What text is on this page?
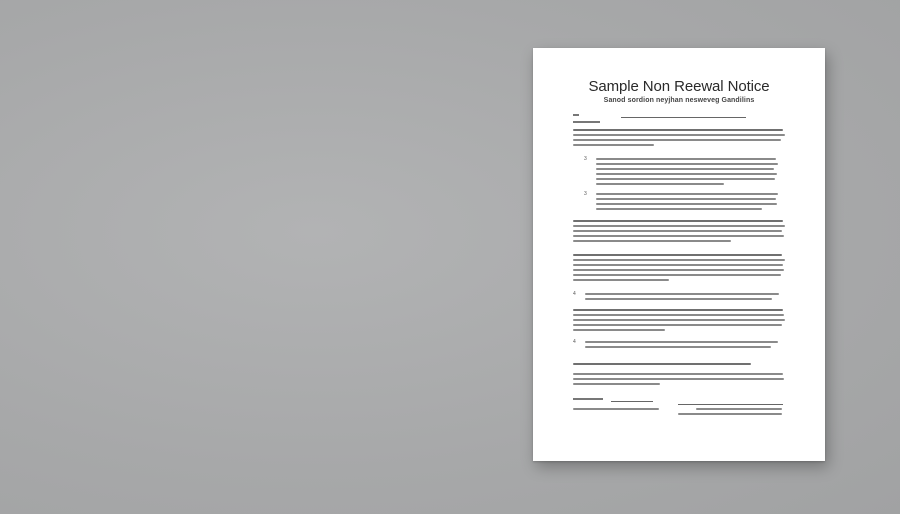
Sample Non Reewal Notice
Sanod sordion neyjhan nesweveg Gandilins
3
3
4
4
